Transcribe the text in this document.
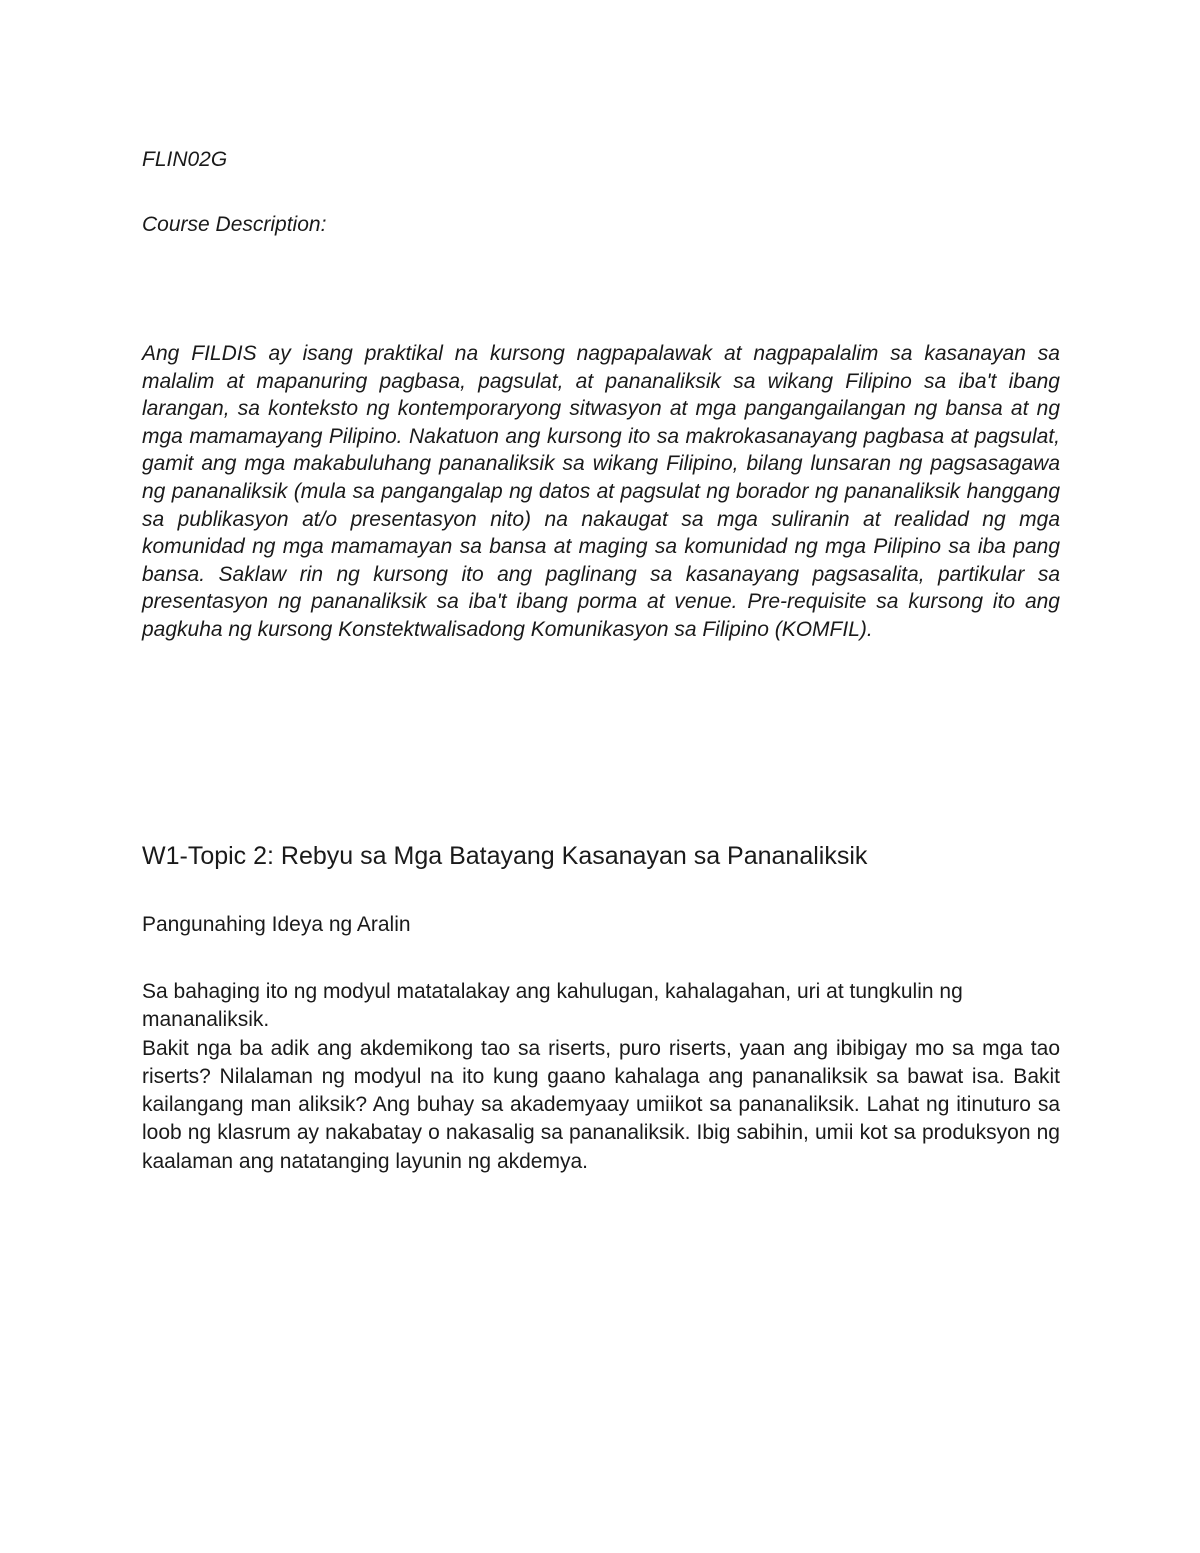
FLIN02G

Course Description:

Ang FILDIS ay isang praktikal na kursong nagpapalawak at nagpapalalim sa kasanayan sa malalim at mapanuring pagbasa, pagsulat, at pananaliksik sa wikang Filipino sa iba't ibang larangan, sa konteksto ng kontemporaryong sitwasyon at mga pangangailangan ng bansa at ng mga mamamayang Pilipino. Nakatuon ang kursong ito sa makrokasanayang pagbasa at pagsulat, gamit ang mga makabuluhang pananaliksik sa wikang Filipino, bilang lunsaran ng pagsasagawa ng pananaliksik (mula sa pangangalap ng datos at pagsulat ng borador ng pananaliksik hanggang sa publikasyon at/o presentasyon nito) na nakaugat sa mga suliranin at realidad ng mga komunidad ng mga mamamayan sa bansa at maging sa komunidad ng mga Pilipino sa iba pang bansa. Saklaw rin ng kursong ito ang paglinang sa kasanayang pagsasalita, partikular sa presentasyon ng pananaliksik sa iba't ibang porma at venue. Pre-requisite sa kursong ito ang pagkuha ng kursong Konstektwalisadong Komunikasyon sa Filipino (KOMFIL).

W1-Topic 2: Rebyu sa Mga Batayang Kasanayan sa Pananaliksik

Pangunahing Ideya ng Aralin

Sa bahaging ito ng modyul matatalakay ang kahulugan, kahalagahan, uri at tungkulin ng mananaliksik.

Bakit nga ba adik ang akdemikong tao sa riserts, puro riserts, yaan ang ibibigay mo sa mga tao riserts? Nilalaman ng modyul na ito kung gaano kahalaga ang pananaliksik sa bawat isa. Bakit kailangang man aliksik? Ang buhay sa akademyaay umiikot sa pananaliksik. Lahat ng itinuturo sa loob ng klasrum ay nakabatay o nakasalig sa pananaliksik. Ibig sabihin, umii kot sa produksyon ng kaalaman ang natatanging layunin ng akdemya.
